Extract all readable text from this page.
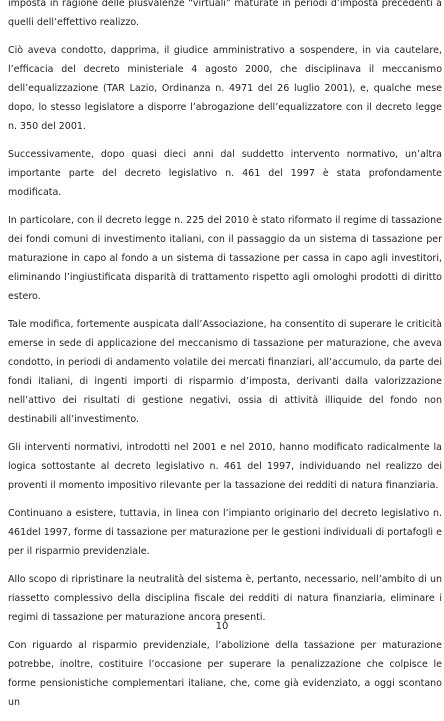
imposta in ragione delle plusvalenze “virtuali” maturate in periodi d’imposta precedenti a quelli dell’effettivo realizzo.

Ciò aveva condotto, dapprima, il giudice amministrativo a sospendere, in via cautelare, l’efficacia del decreto ministeriale 4 agosto 2000, che disciplinava il meccanismo dell’equalizzazione (TAR Lazio, Ordinanza n. 4971 del 26 luglio 2001), e, qualche mese dopo, lo stesso legislatore a disporre l’abrogazione dell’equalizzatore con il decreto legge n. 350 del 2001.

Successivamente, dopo quasi dieci anni dal suddetto intervento normativo, un’altra importante parte del decreto legislativo n. 461 del 1997 è stata profondamente modificata.

In particolare, con il decreto legge n. 225 del 2010 è stato riformato il regime di tassazione dei fondi comuni di investimento italiani, con il passaggio da un sistema di tassazione per maturazione in capo al fondo a un sistema di tassazione per cassa in capo agli investitori, eliminando l’ingiustificata disparità di trattamento rispetto agli omologhi prodotti di diritto estero.

Tale modifica, fortemente auspicata dall’Associazione, ha consentito di superare le criticità emerse in sede di applicazione del meccanismo di tassazione per maturazione, che aveva condotto, in periodi di andamento volatile dei mercati finanziari, all’accumulo, da parte dei fondi italiani, di ingenti importi di risparmio d’imposta, derivanti dalla valorizzazione nell’attivo dei risultati di gestione negativi, ossia di attività illiquide del fondo non destinabili all’investimento.

Gli interventi normativi, introdotti nel 2001 e nel 2010, hanno modificato radicalmente la logica sottostante al decreto legislativo n. 461 del 1997, individuando nel realizzo dei proventi il momento impositivo rilevante per la tassazione dei redditi di natura finanziaria.

Continuano a esistere, tuttavia, in linea con l’impianto originario del decreto legislativo n. 461del 1997, forme di tassazione per maturazione per le gestioni individuali di portafogli e per il risparmio previdenziale.

Allo scopo di ripristinare la neutralità del sistema è, pertanto, necessario, nell’ambito di un riassetto complessivo della disciplina fiscale dei redditi di natura finanziaria, eliminare i regimi di tassazione per maturazione ancora presenti.

Con riguardo al risparmio previdenziale, l’abolizione della tassazione per maturazione potrebbe, inoltre, costituire l’occasione per superare la penalizzazione che colpisce le forme pensionistiche complementari italiane, che, come già evidenziato, a oggi scontano un

10
